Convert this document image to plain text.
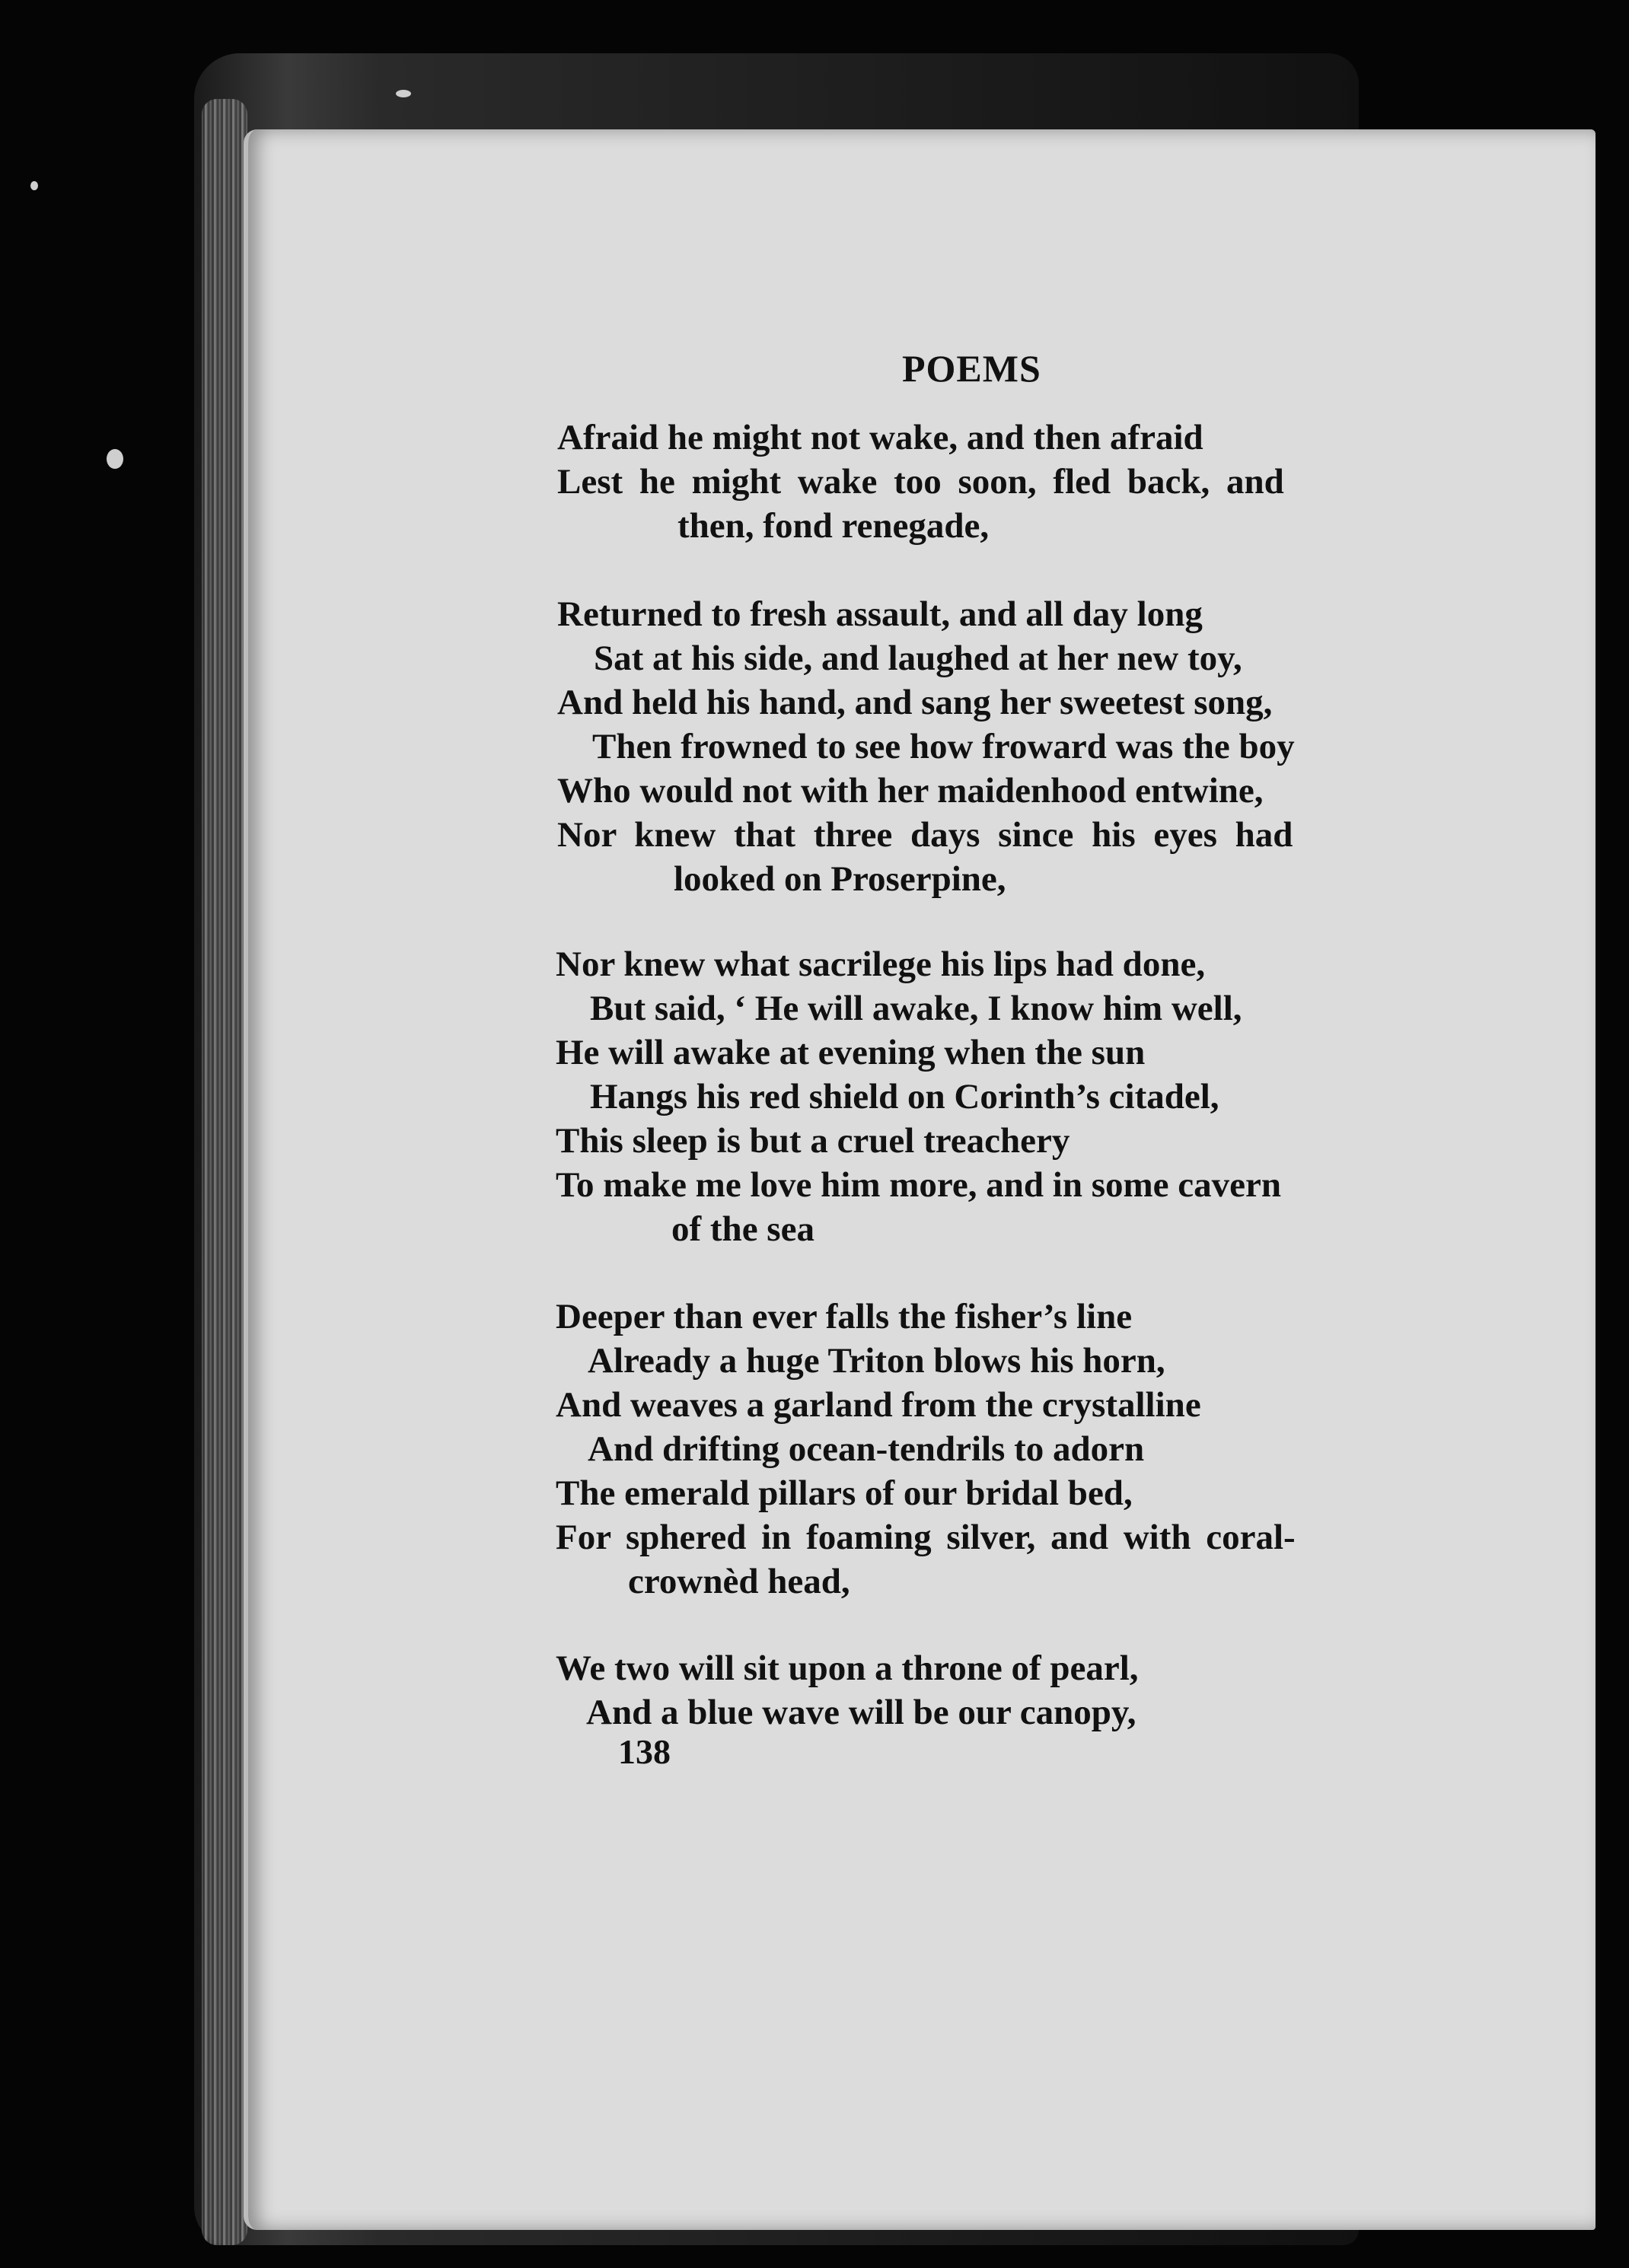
POEMS
Afraid he might not wake, and then afraid
Lest he might wake too soon, fled back, and
then, fond renegade,
Returned to fresh assault, and all day long
Sat at his side, and laughed at her new toy,
And held his hand, and sang her sweetest song,
Then frowned to see how froward was the boy
Who would not with her maidenhood entwine,
Nor knew that three days since his eyes had
looked on Proserpine,
Nor knew what sacrilege his lips had done,
But said, ‘ He will awake, I know him well,
He will awake at evening when the sun
Hangs his red shield on Corinth’s citadel,
This sleep is but a cruel treachery
To make me love him more, and in some cavern
of the sea
Deeper than ever falls the fisher’s line
Already a huge Triton blows his horn,
And weaves a garland from the crystalline
And drifting ocean-tendrils to adorn
The emerald pillars of our bridal bed,
For sphered in foaming silver, and with coral-
crownèd head,
We two will sit upon a throne of pearl,
And a blue wave will be our canopy,
138
